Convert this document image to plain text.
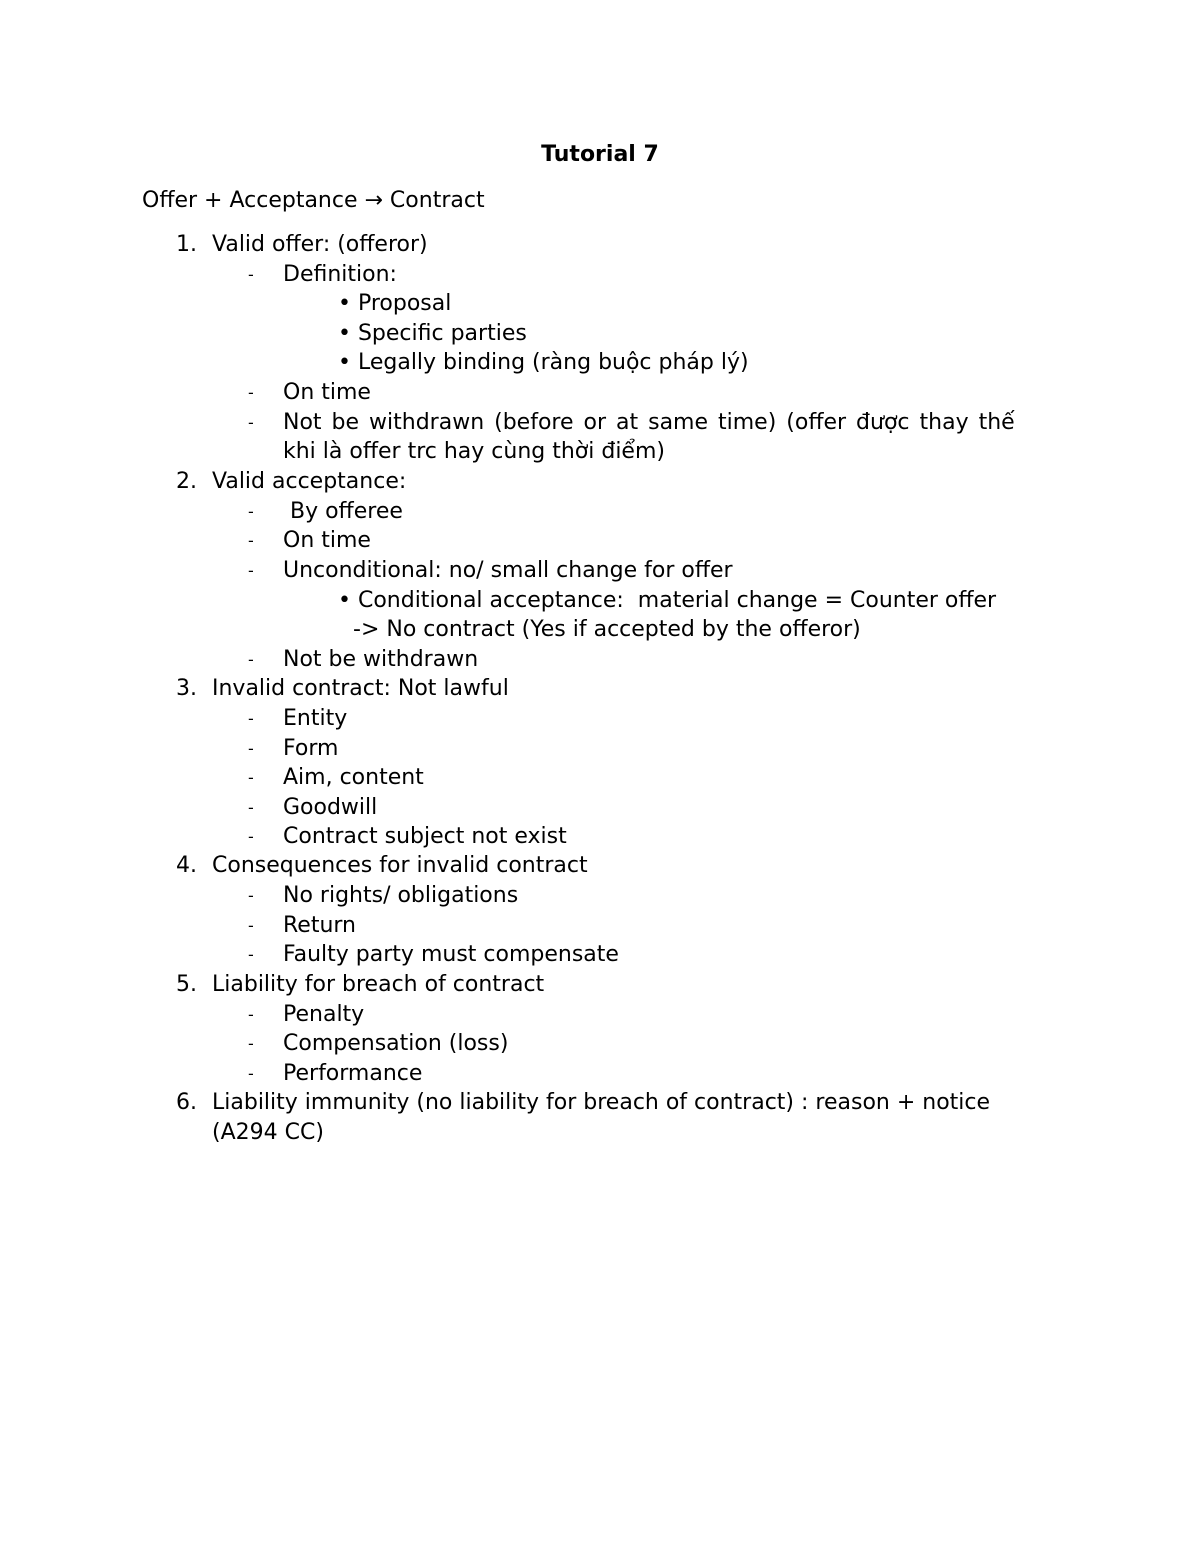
Tutorial 7
Offer + Acceptance → Contract
1. Valid offer: (offeror)
- Definition:
• Proposal
• Specific parties
• Legally binding (ràng buộc pháp lý)
- On time
- Not be withdrawn (before or at same time) (offer được thay thế
khi là offer trc hay cùng thời điểm)
2. Valid acceptance:
- By offeree
- On time
- Unconditional: no/ small change for offer
• Conditional acceptance:  material change = Counter offer
-> No contract (Yes if accepted by the offeror)
- Not be withdrawn
3. Invalid contract: Not lawful
- Entity
- Form
- Aim, content
- Goodwill
- Contract subject not exist
4. Consequences for invalid contract
- No rights/ obligations
- Return
- Faulty party must compensate
5. Liability for breach of contract
- Penalty
- Compensation (loss)
- Performance
6. Liability immunity (no liability for breach of contract) : reason + notice
(A294 CC)
